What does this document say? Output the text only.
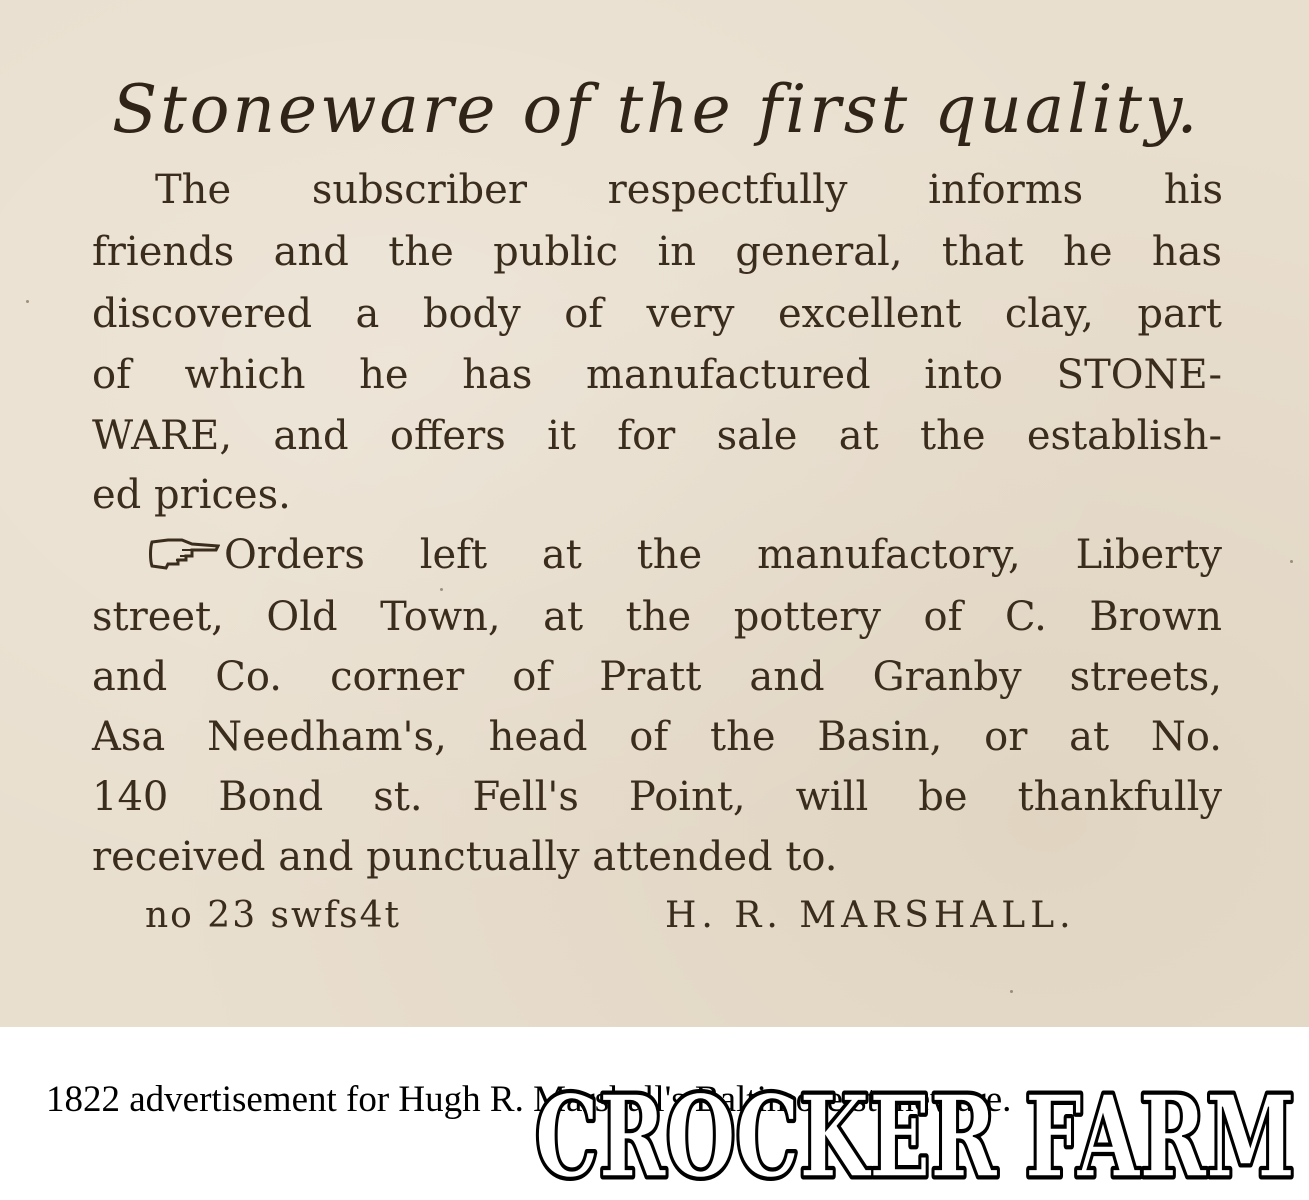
Stoneware of the first quality.
The subscriber respectfully informs his
friends and the public in general, that he has
discovered a body of very excellent clay, part
of which he has manufactured into STONE-
WARE, and offers it for sale at the establish-
ed prices.
Orders left at the manufactory, Liberty
street, Old Town, at the pottery of C. Brown
and Co. corner of Pratt and Granby streets,
Asa Needham's, head of the Basin, or at No.
140 Bond st. Fell's Point, will be thankfully
received and punctually attended to.
no 23 swfs4t	H. R. MARSHALL.
1822 advertisement for Hugh R. Marshall's Baltimore stoneware.
CROCKER FARM
CROCKER FARM
